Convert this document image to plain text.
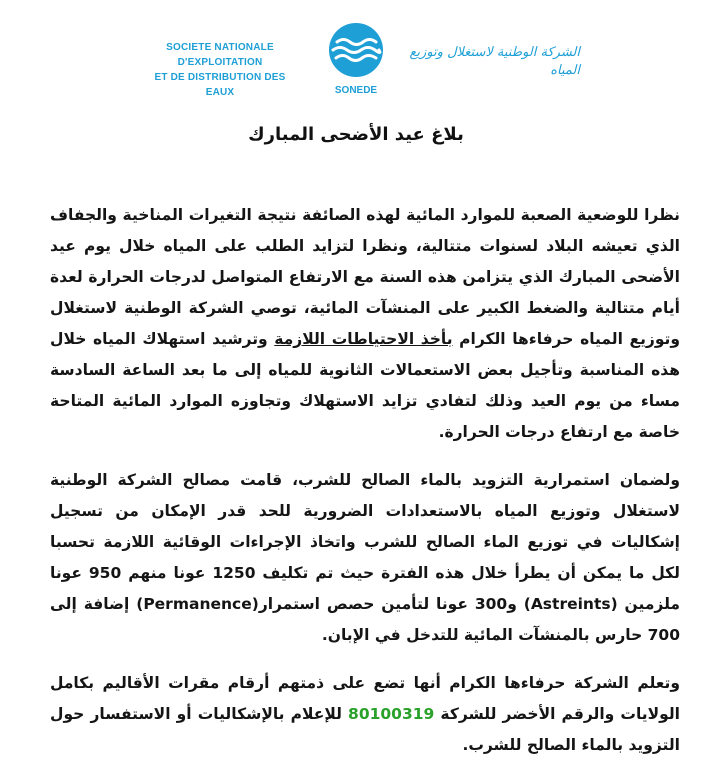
SOCIETE NATIONALE D'EXPLOITATION
ET DE DISTRIBUTION DES EAUX	SONEDE
الشركة الوطنية لاستغلال وتوزيع المياه
بلاغ عيد الأضحى المبارك

نظرا للوضعية الصعبة للموارد المائية لهذه الصائفة نتيجة التغيرات المناخية والجفاف الذي تعيشه البلاد لسنوات متتالية، ونظرا لتزايد الطلب على المياه خلال يوم عيد الأضحى المبارك الذي يتزامن هذه السنة مع الارتفاع المتواصل لدرجات الحرارة لعدة أيام متتالية والضغط الكبير على المنشآت المائية، توصي الشركة الوطنية لاستغلال وتوزيع المياه حرفاءها الكرام بأخذ الاحتياطات اللازمة وترشيد استهلاك المياه خلال هذه المناسبة وتأجيل بعض الاستعمالات الثانوية للمياه إلى ما بعد الساعة السادسة مساء من يوم العيد وذلك لتفادي تزايد الاستهلاك وتجاوزه الموارد المائية المتاحة خاصة مع ارتفاع درجات الحرارة.

ولضمان استمرارية التزويد بالماء الصالح للشرب، قامت مصالح الشركة الوطنية لاستغلال وتوزيع المياه بالاستعدادات الضرورية للحد قدر الإمكان من تسجيل إشكاليات في توزيع الماء الصالح للشرب واتخاذ الإجراءات الوقائية اللازمة تحسبا لكل ما يمكن أن يطرأ خلال هذه الفترة حيث تم تكليف 1250 عونا منهم 950 عونا ملزمين (Astreints) و300 عونا لتأمين حصص استمرار(Permanence) إضافة إلى 700 حارس بالمنشآت المائية للتدخل في الإبان.

وتعلم الشركة حرفاءها الكرام أنها تضع على ذمتهم أرقام مقرات الأقاليم بكامل الولايات والرقم الأخضر للشركة 80100319 للإعلام بالإشكاليات أو الاستفسار حول التزويد بالماء الصالح للشرب.
